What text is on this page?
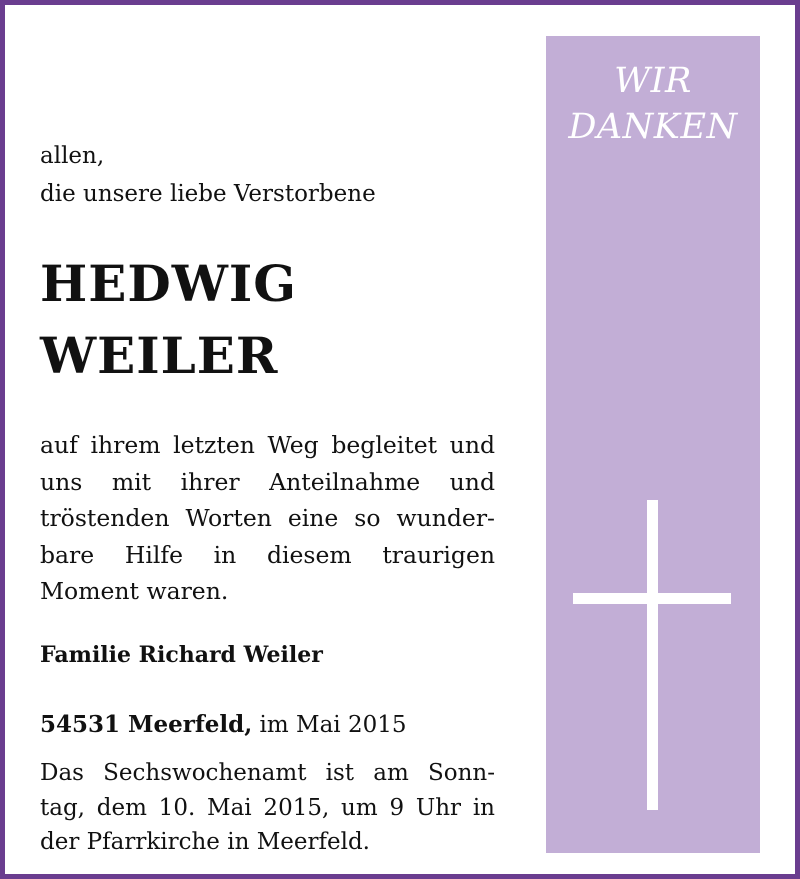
allen,
die unsere liebe Verstorbene
HEDWIG
WEILER
auf ihrem letzten Weg begleitet und
uns mit ihrer Anteilnahme und
tröstenden Worten eine so wunder-
bare Hilfe in diesem traurigen
Moment waren.
Familie Richard Weiler
54531 Meerfeld, im Mai 2015
Das Sechswochenamt ist am Sonn-
tag, dem 10. Mai 2015, um 9 Uhr in
der Pfarrkirche in Meerfeld.
WIR
DANKEN
